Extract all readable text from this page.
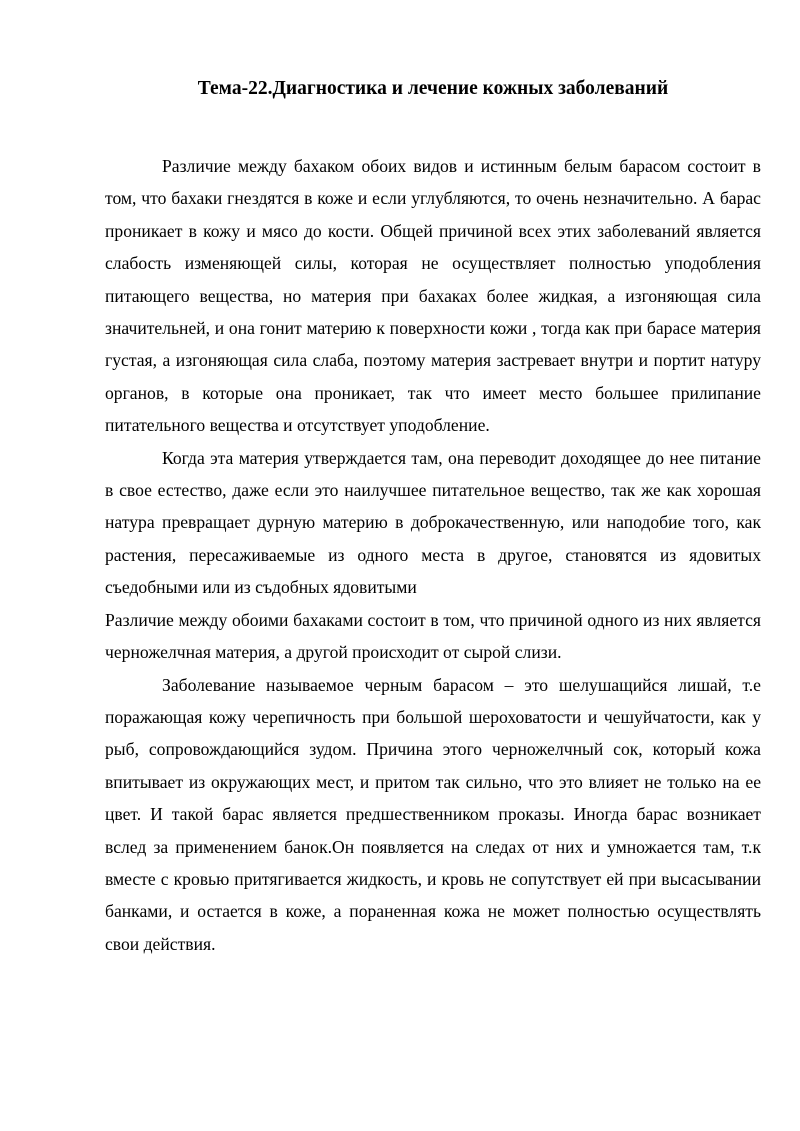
Тема-22.Диагностика и лечение кожных заболеваний

Различие между бахаком обоих видов и истинным белым барасом состоит в том, что бахаки гнездятся в коже и если углубляются, то очень незначительно. А барас проникает в кожу и мясо до кости. Общей причиной всех этих заболеваний является слабость изменяющей силы, которая не осуществляет полностью уподобления питающего вещества, но материя при бахаках более жидкая, а изгоняющая сила значительней, и она гонит материю к поверхности кожи , тогда как при барасе материя густая, а изгоняющая сила слаба, поэтому материя застревает внутри и портит натуру органов, в которые она проникает, так что имеет место большее прилипание питательного вещества и отсутствует уподобление.

Когда эта материя утверждается там, она переводит доходящее до нее питание в свое естество, даже если это наилучшее питательное вещество, так же как хорошая натура превращает дурную материю в доброкачественную, или наподобие того, как растения, пересаживаемые из одного места в другое, становятся из ядовитых съедобными или из съдобных ядовитыми

Различие между обоими бахаками состоит в том, что причиной одного из них является черножелчная материя, а другой происходит от сырой слизи.

Заболевание называемое черным барасом – это шелушащийся лишай, т.е поражающая кожу черепичность при большой шероховатости и чешуйчатости, как у рыб, сопровождающийся зудом. Причина этого черножелчный сок, который кожа впитывает из окружающих мест, и притом так сильно, что это влияет не только на ее цвет. И такой барас является предшественником проказы. Иногда барас возникает вслед за применением банок.Он появляется на следах от них и умножается там, т.к вместе с кровью притягивается жидкость, и кровь не сопутствует ей при высасывании банками, и остается в коже, а пораненная кожа не может полностью осуществлять свои действия.
